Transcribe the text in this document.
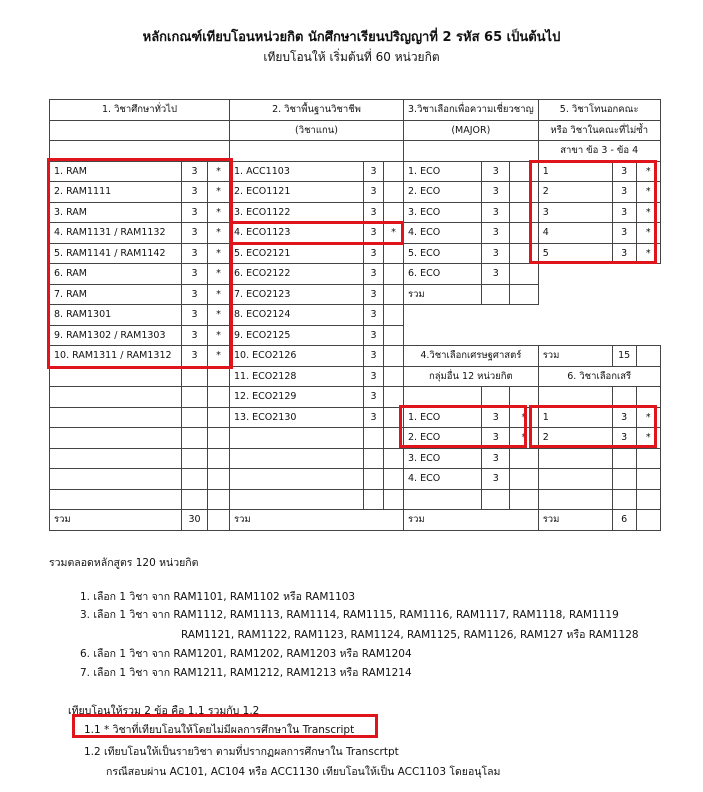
หลักเกณฑ์เทียบโอนหน่วยกิต นักศึกษาเรียนปริญญาที่ 2 รหัส 65 เป็นต้นไป
เทียบโอนให้ เริ่มต้นที่ 60 หน่วยกิต
1. วิชาศึกษาทั่วไป			2. วิชาพื้นฐานวิชาชีพ			3.วิชาเลือกเพื่อความเชี่ยวชาญ			5. วิชาโทนอกคณะ		
			(วิชาแกน)			(MAJOR)			หรือ วิชาในคณะที่ไม่ซ้ำ		
									สาขา ข้อ 3 - ข้อ 4		
1. RAM	3	*	1. ACC1103	3		1. ECO	3		1	3	*
2. RAM1111	3	*	2. ECO1121	3		2. ECO	3		2	3	*
3. RAM	3	*	3. ECO1122	3		3. ECO	3		3	3	*
4. RAM1131 / RAM1132	3	*	4. ECO1123	3	*	4. ECO	3		4	3	*
5. RAM1141 / RAM1142	3	*	5. ECO2121	3		5. ECO	3		5	3	*
6. RAM	3	*	6. ECO2122	3		6. ECO	3				
7. RAM	3	*	7. ECO2123	3		รวม					
8. RAM1301	3	*	8. ECO2124	3							
9. RAM1302 / RAM1303	3	*	9. ECO2125	3							
10. RAM1311 / RAM1312	3	*	10. ECO2126	3		4.วิชาเลือกเศรษฐศาสตร์			รวม	15	
			11. ECO2128	3		กลุ่มอื่น 12 หน่วยกิต			6. วิชาเลือกเสรี		
			12. ECO2129	3							
			13. ECO2130	3		1. ECO	3	*	1	3	*
						2. ECO	3	*	2	3	*
						3. ECO	3				
						4. ECO	3				

รวม	30		รวม			รวม			รวม	6	
รวมตลอดหลักสูตร 120 หน่วยกิต
1. เลือก 1 วิชา จาก RAM1101, RAM1102 หรือ RAM1103
3. เลือก 1 วิชา จาก RAM1112, RAM1113, RAM1114, RAM1115, RAM1116, RAM1117, RAM1118, RAM1119
RAM1121, RAM1122, RAM1123, RAM1124, RAM1125, RAM1126, RAM127 หรือ RAM1128
6. เลือก 1 วิชา จาก RAM1201, RAM1202, RAM1203 หรือ RAM1204
7. เลือก 1 วิชา จาก RAM1211, RAM1212, RAM1213 หรือ RAM1214
เทียบโอนให้รวม 2 ข้อ คือ 1.1 รวมกับ 1.2
1.1 * วิชาที่เทียบโอนให้โดยไม่มีผลการศึกษาใน Transcript
1.2 เทียบโอนให้เป็นรายวิชา ตามที่ปรากฏผลการศึกษาใน Transcrtpt
กรณีสอบผ่าน AC101, AC104 หรือ ACC1130 เทียบโอนให้เป็น ACC1103 โดยอนุโลม
